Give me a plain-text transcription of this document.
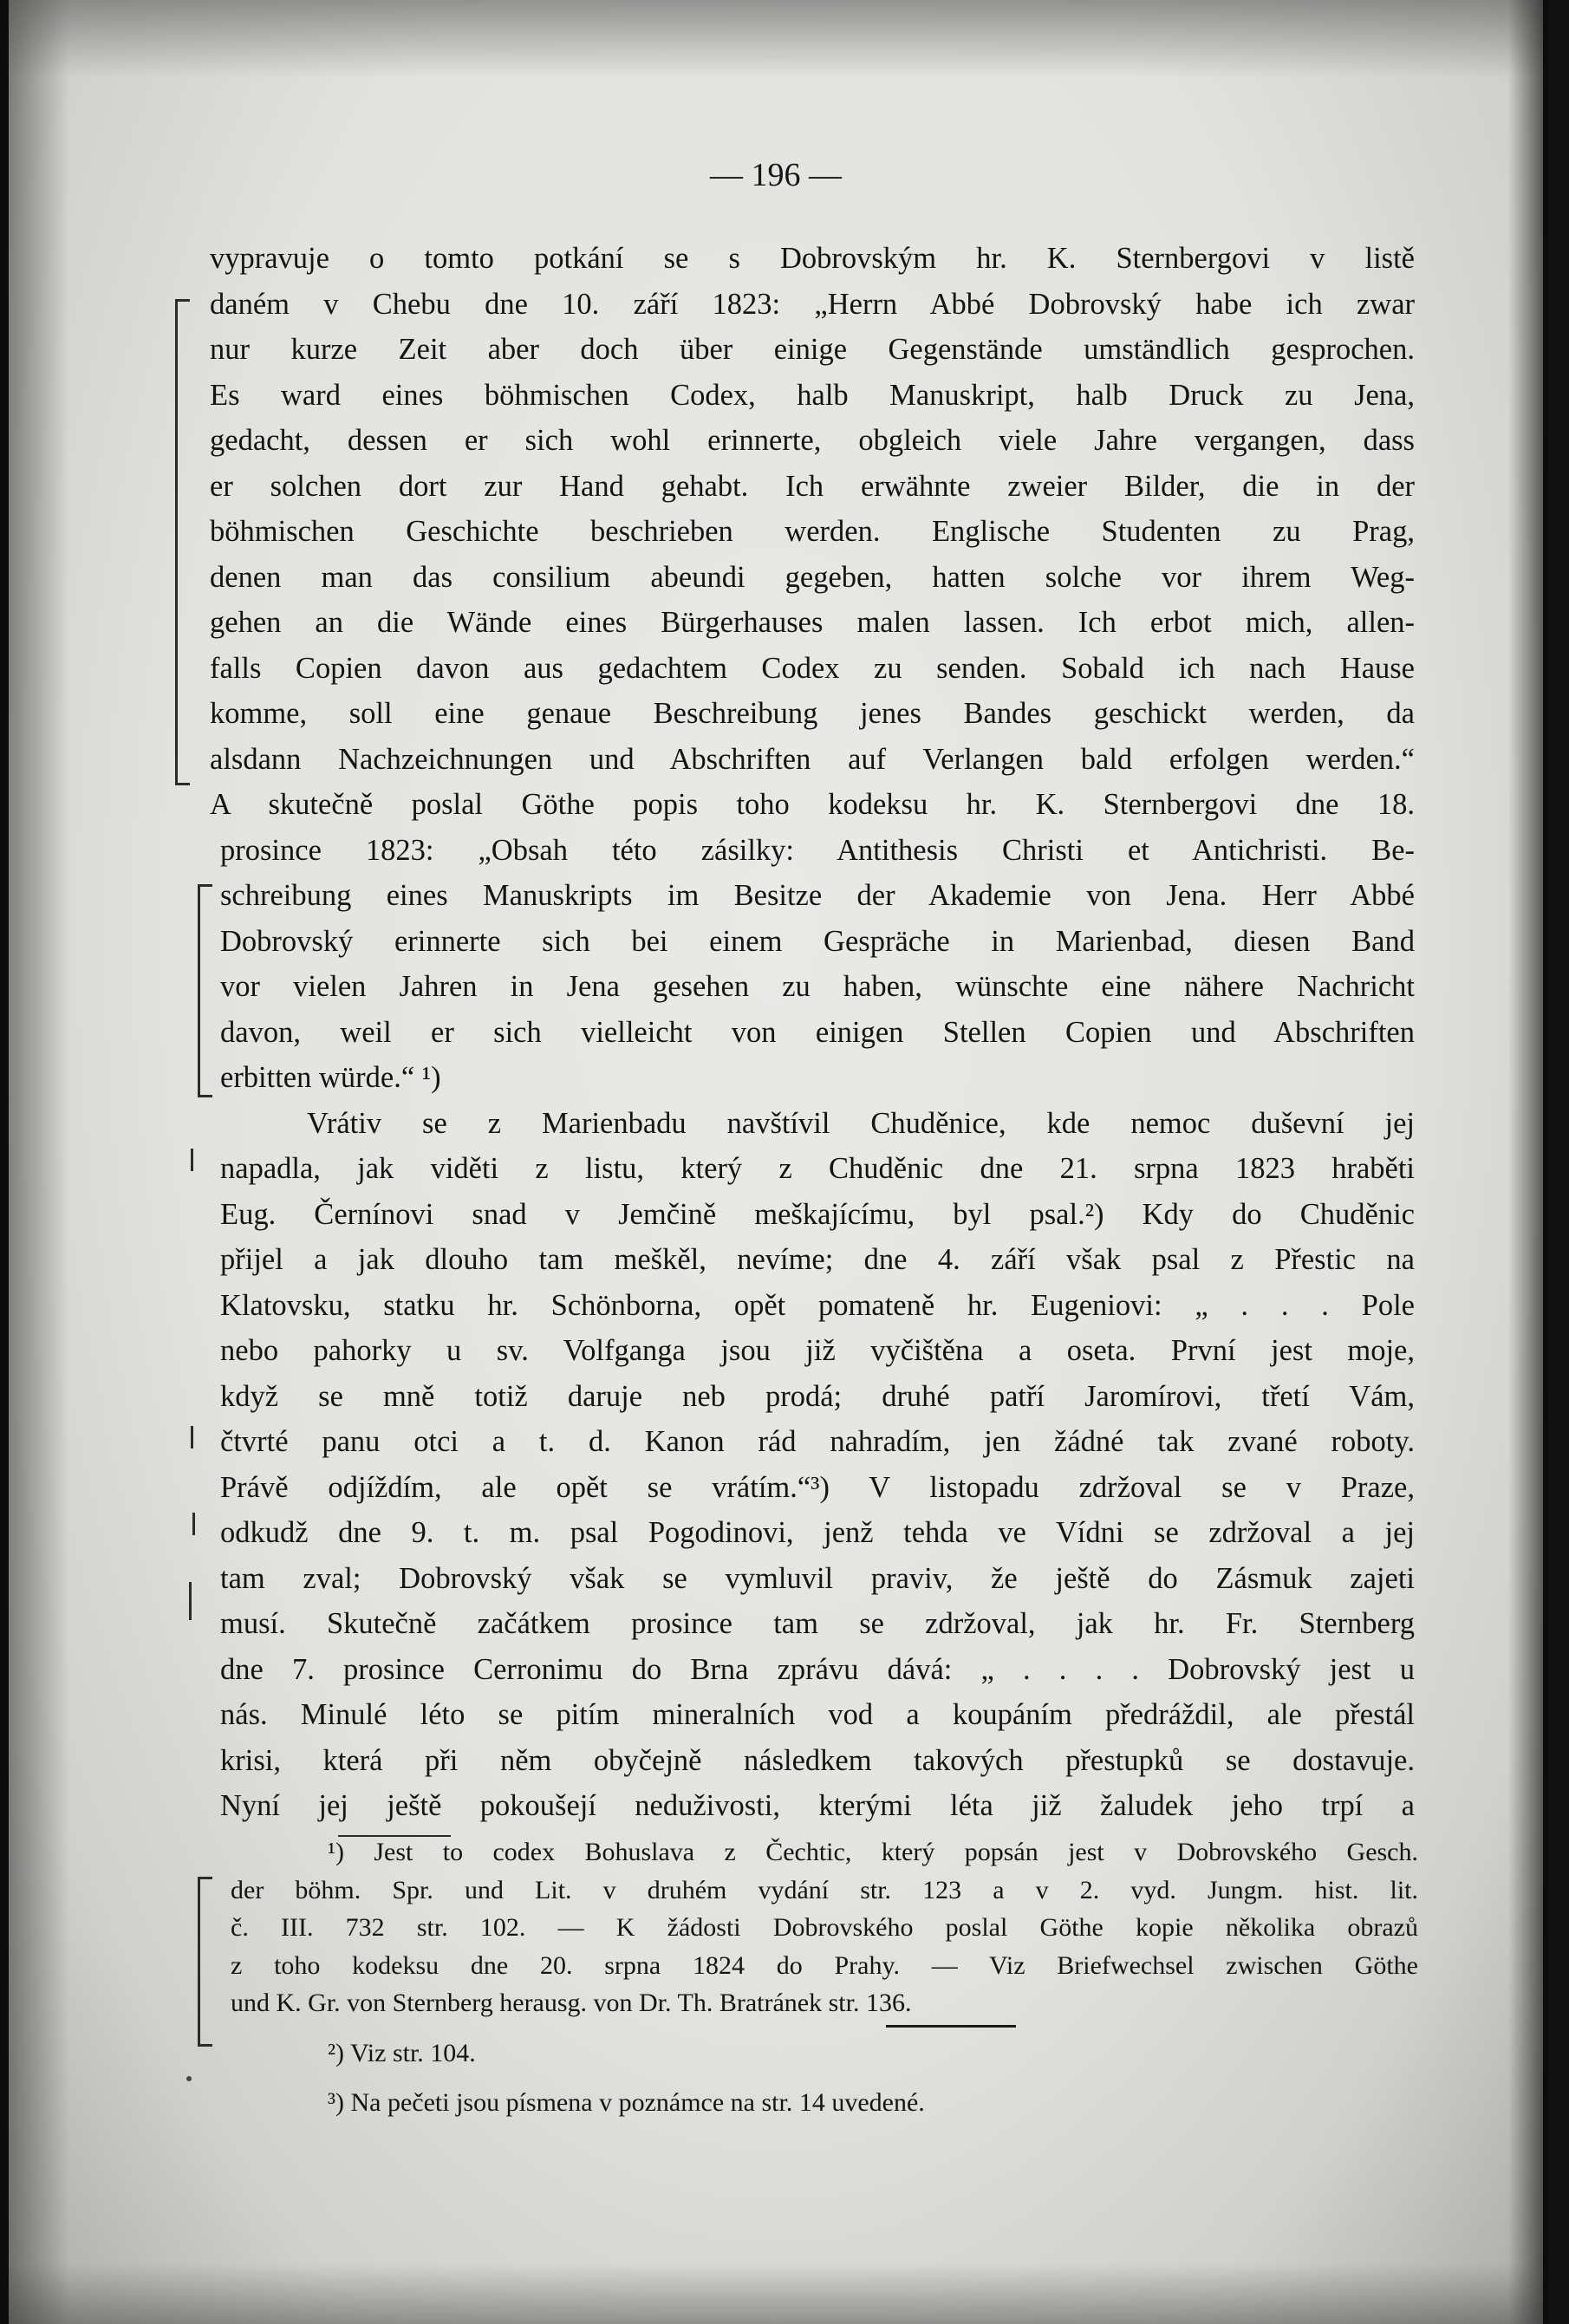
— 196 —
vypravuje o tomto potkání se s Dobrovským hr. K. Sternbergovi v listě
daném v Chebu dne 10. září 1823: „Herrn Abbé Dobrovský habe ich zwar
nur kurze Zeit aber doch über einige Gegenstände umständlich gesprochen.
Es ward eines böhmischen Codex, halb Manuskript, halb Druck zu Jena,
gedacht, dessen er sich wohl erinnerte, obgleich viele Jahre vergangen, dass
er solchen dort zur Hand gehabt. Ich erwähnte zweier Bilder, die in der
böhmischen Geschichte beschrieben werden. Englische Studenten zu Prag,
denen man das consilium abeundi gegeben, hatten solche vor ihrem Weg-
gehen an die Wände eines Bürgerhauses malen lassen. Ich erbot mich, allen-
falls Copien davon aus gedachtem Codex zu senden. Sobald ich nach Hause
komme, soll eine genaue Beschreibung jenes Bandes geschickt werden, da
alsdann Nachzeichnungen und Abschriften auf Verlangen bald erfolgen werden.“
A skutečně poslal Göthe popis toho kodeksu hr. K. Sternbergovi dne 18.
prosince 1823: „Obsah této zásilky: Antithesis Christi et Antichristi. Be-
schreibung eines Manuskripts im Besitze der Akademie von Jena. Herr Abbé
Dobrovský erinnerte sich bei einem Gespräche in Marienbad, diesen Band
vor vielen Jahren in Jena gesehen zu haben, wünschte eine nähere Nachricht
davon, weil er sich vielleicht von einigen Stellen Copien und Abschriften
erbitten würde.“ ¹)
Vrátiv se z Marienbadu navštívil Chuděnice, kde nemoc duševní jej
napadla, jak viděti z listu, který z Chuděnic dne 21. srpna 1823 hraběti
Eug. Černínovi snad v Jemčině meškajícímu, byl psal.²) Kdy do Chuděnic
přijel a jak dlouho tam meškěl, nevíme; dne 4. září však psal z Přestic na
Klatovsku, statku hr. Schönborna, opět pomateně hr. Eugeniovi: „ . . . Pole
nebo pahorky u sv. Volfganga jsou již vyčištěna a oseta. První jest moje,
když se mně totiž daruje neb prodá; druhé patří Jaromírovi, třetí Vám,
čtvrté panu otci a t. d. Kanon rád nahradím, jen žádné tak zvané roboty.
Právě odjíždím, ale opět se vrátím.“³) V listopadu zdržoval se v Praze,
odkudž dne 9. t. m. psal Pogodinovi, jenž tehda ve Vídni se zdržoval a jej
tam zval; Dobrovský však se vymluvil praviv, že ještě do Zásmuk zajeti
musí. Skutečně začátkem prosince tam se zdržoval, jak hr. Fr. Sternberg
dne 7. prosince Cerronimu do Brna zprávu dává: „ . . . . Dobrovský jest u
nás. Minulé léto se pitím mineralních vod a koupáním předráždil, ale přestál
krisi, která při něm obyčejně následkem takových přestupků se dostavuje.
Nyní jej ještě pokoušejí neduživosti, kterými léta již žaludek jeho trpí a
¹) Jest to codex Bohuslava z Čechtic, který popsán jest v Dobrovského Gesch.
der böhm. Spr. und Lit. v druhém vydání str. 123 a v 2. vyd. Jungm. hist. lit.
č. III. 732 str. 102. — K žádosti Dobrovského poslal Göthe kopie několika obrazů
z toho kodeksu dne 20. srpna 1824 do Prahy. — Viz Briefwechsel zwischen Göthe
und K. Gr. von Sternberg herausg. von Dr. Th. Bratránek str. 136.
²) Viz str. 104.
³) Na pečeti jsou písmena v poznámce na str. 14 uvedené.
